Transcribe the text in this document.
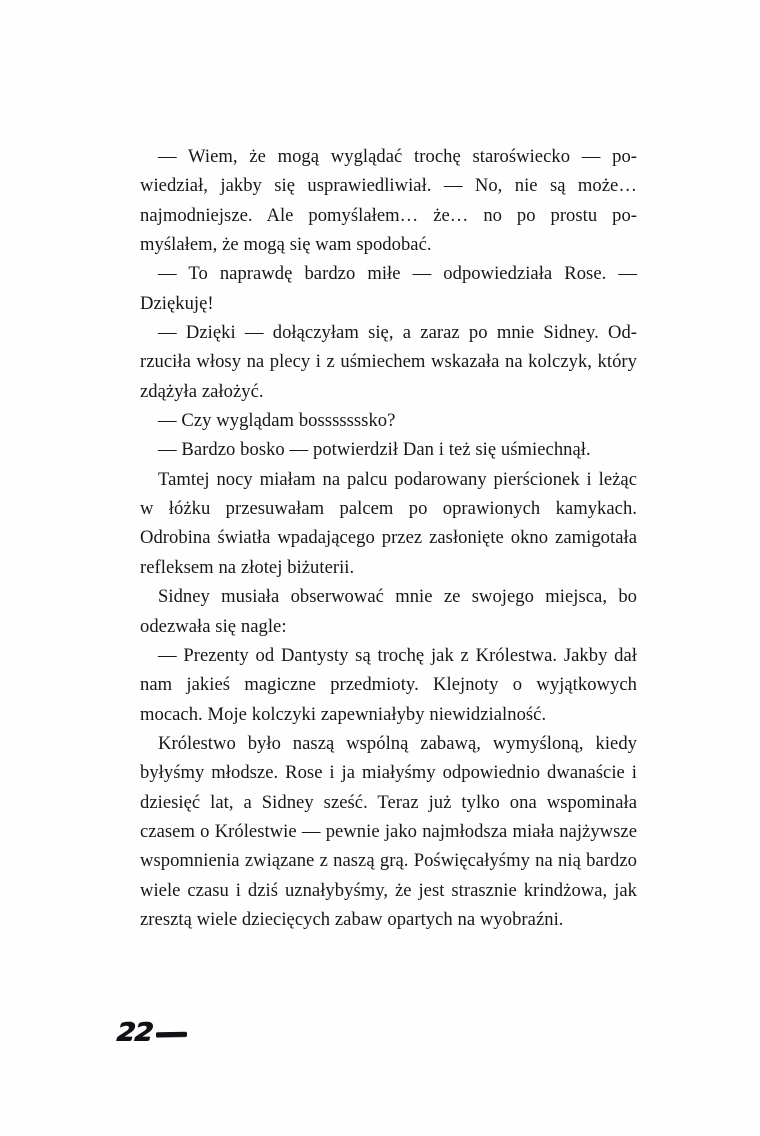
— Wiem, że mogą wyglądać trochę staroświecko — powiedział, jakby się usprawiedliwiał. — No, nie są może… najmodniejsze. Ale pomyślałem… że… no po prostu pomyślałem, że mogą się wam spodobać.

— To naprawdę bardzo miłe — odpowiedziała Rose. — Dziękuję!

— Dzięki — dołączyłam się, a zaraz po mnie Sidney. Odrzuciła włosy na plecy i z uśmiechem wskazała na kolczyk, który zdążyła założyć.

— Czy wyglądam bosssssssko?

— Bardzo bosko — potwierdził Dan i też się uśmiechnął.

Tamtej nocy miałam na palcu podarowany pierścionek i leżąc w łóżku przesuwałam palcem po oprawionych kamykach. Odrobina światła wpadającego przez zasłonięte okno zamigotała refleksem na złotej biżuterii.

Sidney musiała obserwować mnie ze swojego miejsca, bo odezwała się nagle:

— Prezenty od Dantysty są trochę jak z Królestwa. Jakby dał nam jakieś magiczne przedmioty. Klejnoty o wyjątkowych mocach. Moje kolczyki zapewniałyby niewidzialność.

Królestwo było naszą wspólną zabawą, wymyśloną, kiedy byłyśmy młodsze. Rose i ja miałyśmy odpowiednio dwanaście i dziesięć lat, a Sidney sześć. Teraz już tylko ona wspominała czasem o Królestwie — pewnie jako najmłodsza miała najżywsze wspomnienia związane z naszą grą. Poświęcałyśmy na nią bardzo wiele czasu i dziś uznałybyśmy, że jest strasznie krindżowa, jak zresztą wiele dziecięcych zabaw opartych na wyobraźni.

22
